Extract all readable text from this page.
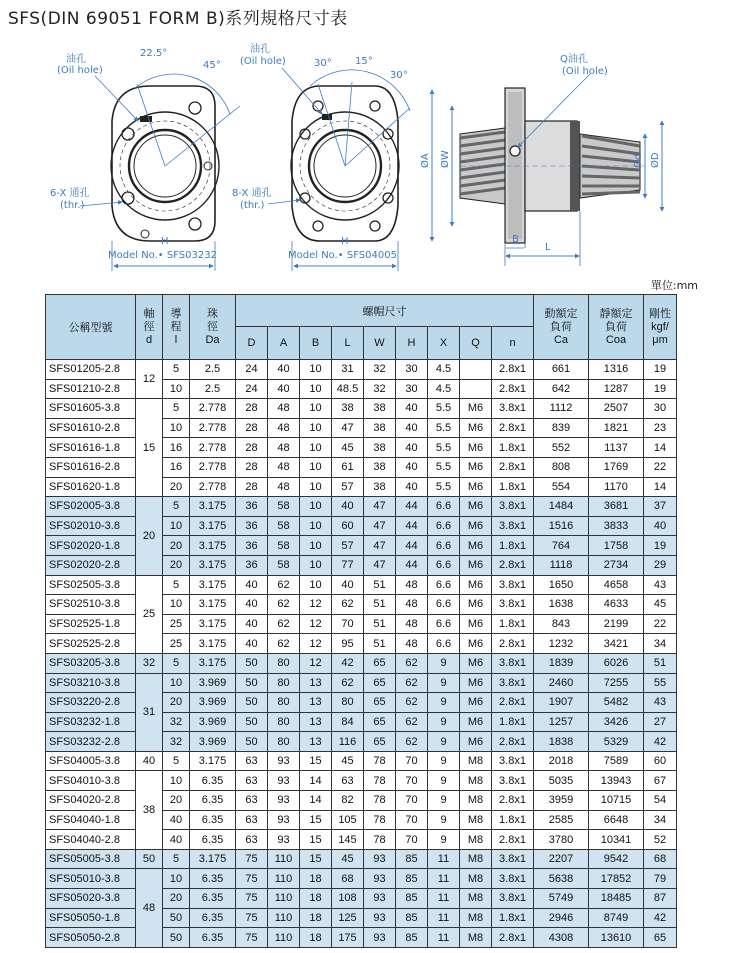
SFS(DIN 69051 FORM B)系列規格尺寸表
油孔
(Oil hole)
22.5°
45°
6-X 通孔
(thr.)
H
Model No.• SFS03232
油孔
(Oil hole)	30° 15°
30°
8-X 通孔
(thr.)
H
Model No.• SFS04005
Q油孔
(Oil hole)
ØA ØW	Ød ØD
B
L
單位:mm
公稱型號	軸
徑
d	導
程
l	珠
徑
Da	螺帽尺寸									動額定
負荷
Ca	靜額定
負荷
Coa	剛性
kgf/
μm
				D	A	B	L	W	H	X	Q	n			
SFS01205-2.8	12	5	2.5	24	40	10	31	32	30	4.5		2.8x1	661	1316	19
SFS01210-2.8		10	2.5	24	40	10	48.5	32	30	4.5		2.8x1	642	1287	19
SFS01605-3.8	15	5	2.778	28	48	10	38	38	40	5.5	M6	3.8x1	1112	2507	30
SFS01610-2.8		10	2.778	28	48	10	47	38	40	5.5	M6	2.8x1	839	1821	23
SFS01616-1.8		16	2.778	28	48	10	45	38	40	5.5	M6	1.8x1	552	1137	14
SFS01616-2.8		16	2.778	28	48	10	61	38	40	5.5	M6	2.8x1	808	1769	22
SFS01620-1.8		20	2.778	28	48	10	57	38	40	5.5	M6	1.8x1	554	1170	14
SFS02005-3.8	20	5	3.175	36	58	10	40	47	44	6.6	M6	3.8x1	1484	3681	37
SFS02010-3.8		10	3.175	36	58	10	60	47	44	6.6	M6	3.8x1	1516	3833	40
SFS02020-1.8		20	3.175	36	58	10	57	47	44	6.6	M6	1.8x1	764	1758	19
SFS02020-2.8		20	3.175	36	58	10	77	47	44	6.6	M6	2.8x1	1118	2734	29
SFS02505-3.8	25	5	3.175	40	62	10	40	51	48	6.6	M6	3.8x1	1650	4658	43
SFS02510-3.8		10	3.175	40	62	12	62	51	48	6.6	M6	3.8x1	1638	4633	45
SFS02525-1.8		25	3.175	40	62	12	70	51	48	6.6	M6	1.8x1	843	2199	22
SFS02525-2.8		25	3.175	40	62	12	95	51	48	6.6	M6	2.8x1	1232	3421	34
SFS03205-3.8	32	5	3.175	50	80	12	42	65	62	9	M6	3.8x1	1839	6026	51
SFS03210-3.8	31	10	3.969	50	80	13	62	65	62	9	M6	3.8x1	2460	7255	55
SFS03220-2.8		20	3.969	50	80	13	80	65	62	9	M6	2.8x1	1907	5482	43
SFS03232-1.8		32	3.969	50	80	13	84	65	62	9	M6	1.8x1	1257	3426	27
SFS03232-2.8		32	3.969	50	80	13	116	65	62	9	M6	2.8x1	1838	5329	42
SFS04005-3.8	40	5	3.175	63	93	15	45	78	70	9	M8	3.8x1	2018	7589	60
SFS04010-3.8	38	10	6.35	63	93	14	63	78	70	9	M8	3.8x1	5035	13943	67
SFS04020-2.8		20	6.35	63	93	14	82	78	70	9	M8	2.8x1	3959	10715	54
SFS04040-1.8		40	6.35	63	93	15	105	78	70	9	M8	1.8x1	2585	6648	34
SFS04040-2.8		40	6.35	63	93	15	145	78	70	9	M8	2.8x1	3780	10341	52
SFS05005-3.8	50	5	3.175	75	110	15	45	93	85	11	M8	3.8x1	2207	9542	68
SFS05010-3.8	48	10	6.35	75	110	18	68	93	85	11	M8	3.8x1	5638	17852	79
SFS05020-3.8		20	6.35	75	110	18	108	93	85	11	M8	3.8x1	5749	18485	87
SFS05050-1.8		50	6.35	75	110	18	125	93	85	11	M8	1.8x1	2946	8749	42
SFS05050-2.8		50	6.35	75	110	18	175	93	85	11	M8	2.8x1	4308	13610	65
